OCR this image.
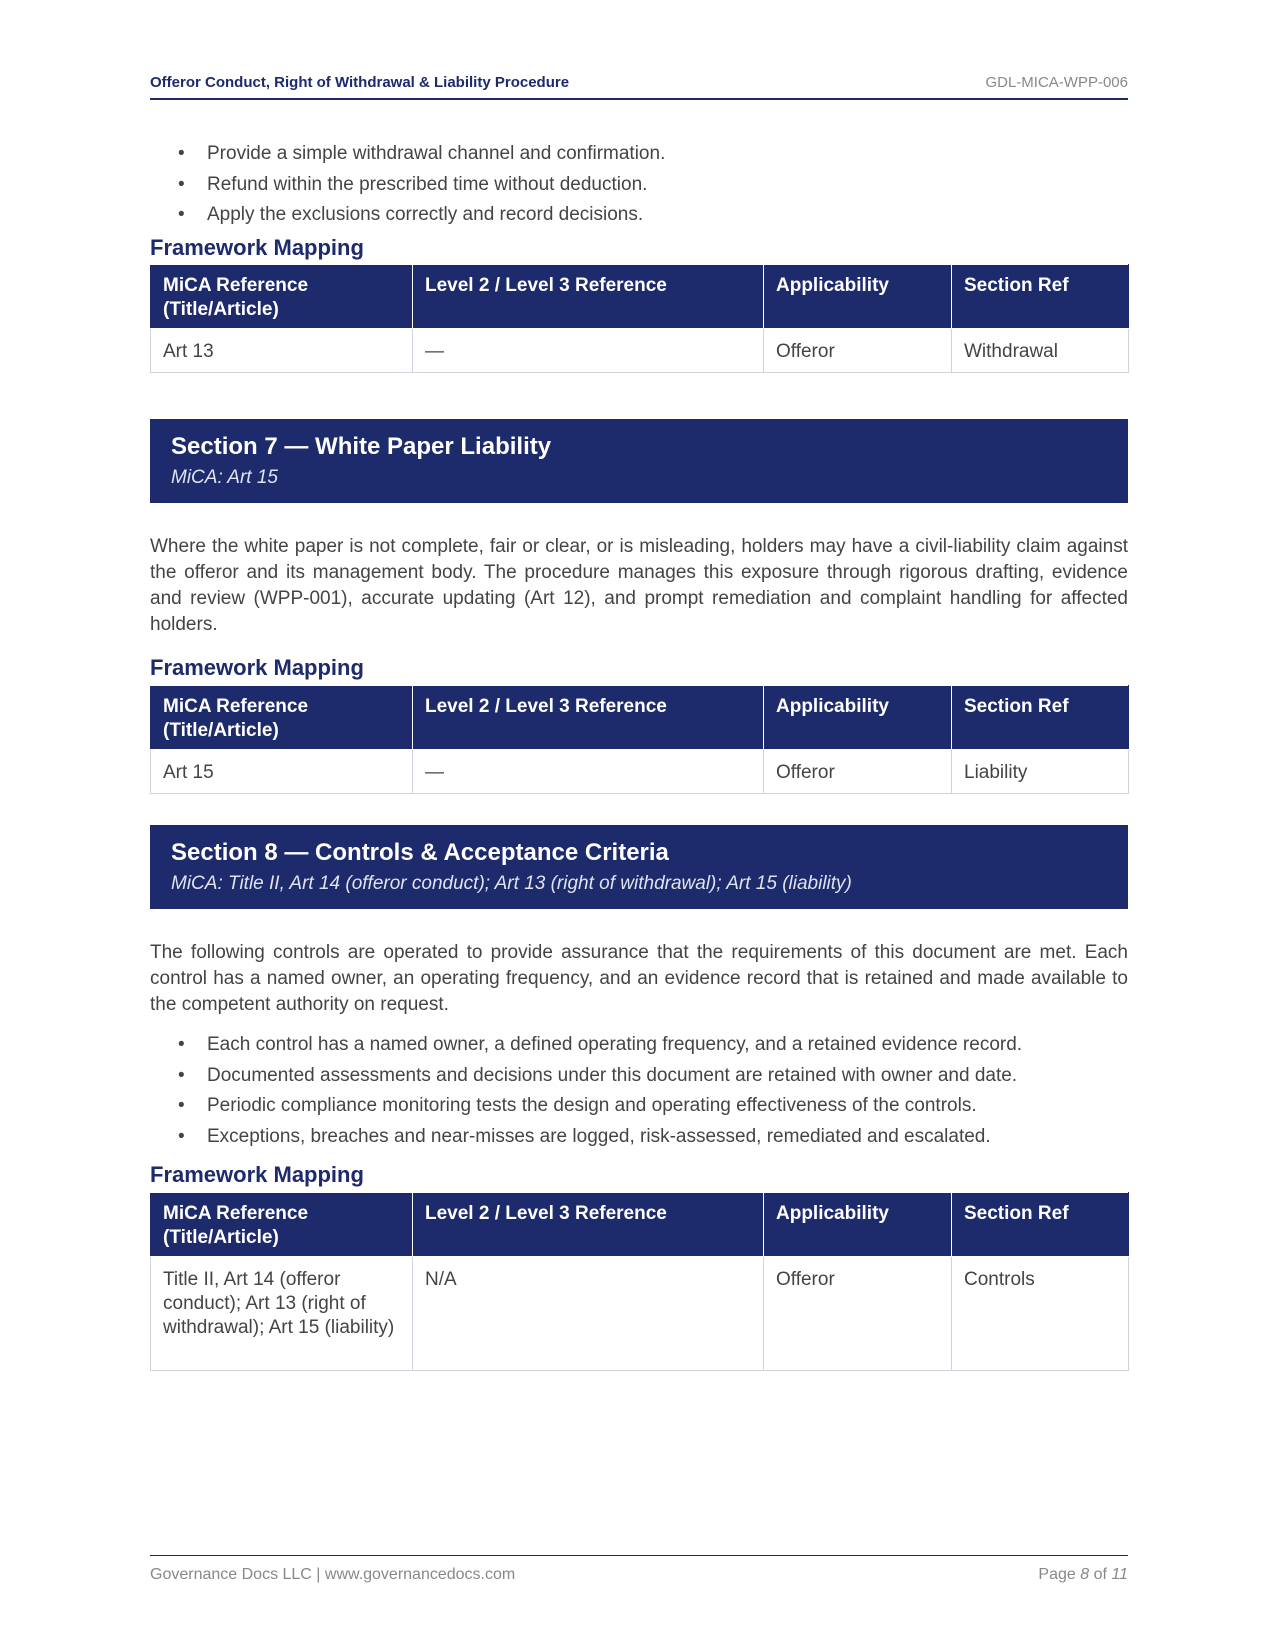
Offeror Conduct, Right of Withdrawal & Liability Procedure	GDL-MICA-WPP-006
• Provide a simple withdrawal channel and confirmation.
• Refund within the prescribed time without deduction.
• Apply the exclusions correctly and record decisions.
Framework Mapping
MiCA Reference (Title/Article)	Level 2 / Level 3 Reference	Applicability	Section Ref
Art 13	—	Offeror	Withdrawal
Section 7 — White Paper Liability
MiCA: Art 15
Where the white paper is not complete, fair or clear, or is misleading, holders may have a civil-liability claim against the offeror and its management body. The procedure manages this exposure through rigorous drafting, evidence and review (WPP-001), accurate updating (Art 12), and prompt remediation and complaint handling for affected holders.
Framework Mapping
MiCA Reference (Title/Article)	Level 2 / Level 3 Reference	Applicability	Section Ref
Art 15	—	Offeror	Liability
Section 8 — Controls & Acceptance Criteria
MiCA: Title II, Art 14 (offeror conduct); Art 13 (right of withdrawal); Art 15 (liability)
The following controls are operated to provide assurance that the requirements of this document are met. Each control has a named owner, an operating frequency, and an evidence record that is retained and made available to the competent authority on request.
• Each control has a named owner, a defined operating frequency, and a retained evidence record.
• Documented assessments and decisions under this document are retained with owner and date.
• Periodic compliance monitoring tests the design and operating effectiveness of the controls.
• Exceptions, breaches and near-misses are logged, risk-assessed, remediated and escalated.
Framework Mapping
MiCA Reference (Title/Article)	Level 2 / Level 3 Reference	Applicability	Section Ref
Title II, Art 14 (offeror conduct); Art 13 (right of withdrawal); Art 15 (liability)	N/A	Offeror	Controls
Governance Docs LLC | www.governancedocs.com	Page 8 of 11
